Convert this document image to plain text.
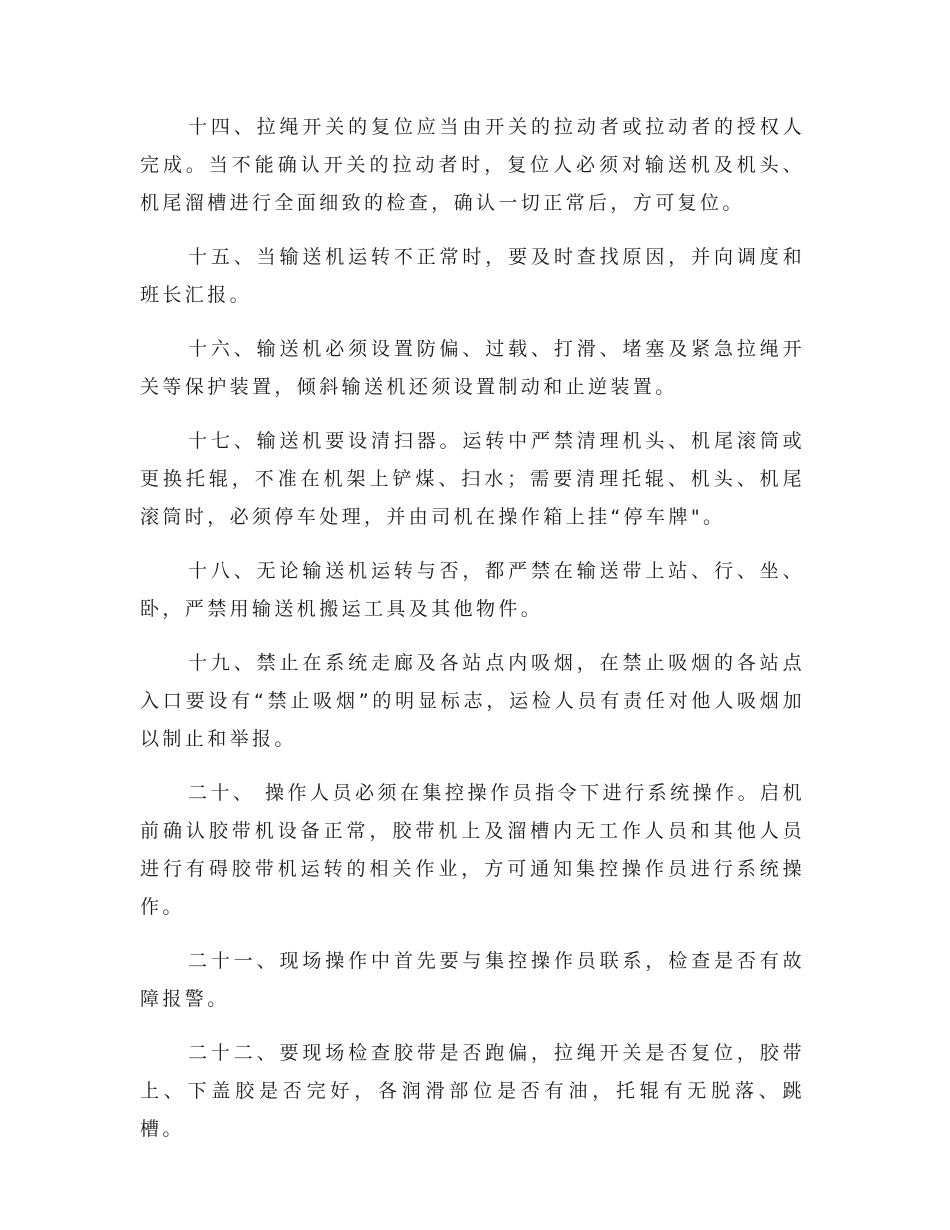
十四、拉绳开关的复位应当由开关的拉动者或拉动者的授权人完成。当不能确认开关的拉动者时，复位人必须对输送机及机头、机尾溜槽进行全面细致的检查，确认一切正常后，方可复位。

十五、当输送机运转不正常时，要及时查找原因，并向调度和班长汇报。

十六、输送机必须设置防偏、过载、打滑、堵塞及紧急拉绳开关等保护装置，倾斜输送机还须设置制动和止逆装置。

十七、输送机要设清扫器。运转中严禁清理机头、机尾滚筒或更换托辊，不准在机架上铲煤、扫水；需要清理托辊、机头、机尾滚筒时，必须停车处理，并由司机在操作箱上挂“停车牌"。

十八、无论输送机运转与否，都严禁在输送带上站、行、坐、卧，严禁用输送机搬运工具及其他物件。

十九、禁止在系统走廊及各站点内吸烟，在禁止吸烟的各站点入口要设有“禁止吸烟”的明显标志，运检人员有责任对他人吸烟加以制止和举报。

二十、 操作人员必须在集控操作员指令下进行系统操作。启机前确认胶带机设备正常，胶带机上及溜槽内无工作人员和其他人员进行有碍胶带机运转的相关作业，方可通知集控操作员进行系统操作。

二十一、现场操作中首先要与集控操作员联系，检查是否有故障报警。

二十二、要现场检查胶带是否跑偏，拉绳开关是否复位，胶带上、下盖胶是否完好，各润滑部位是否有油，托辊有无脱落、跳槽。
